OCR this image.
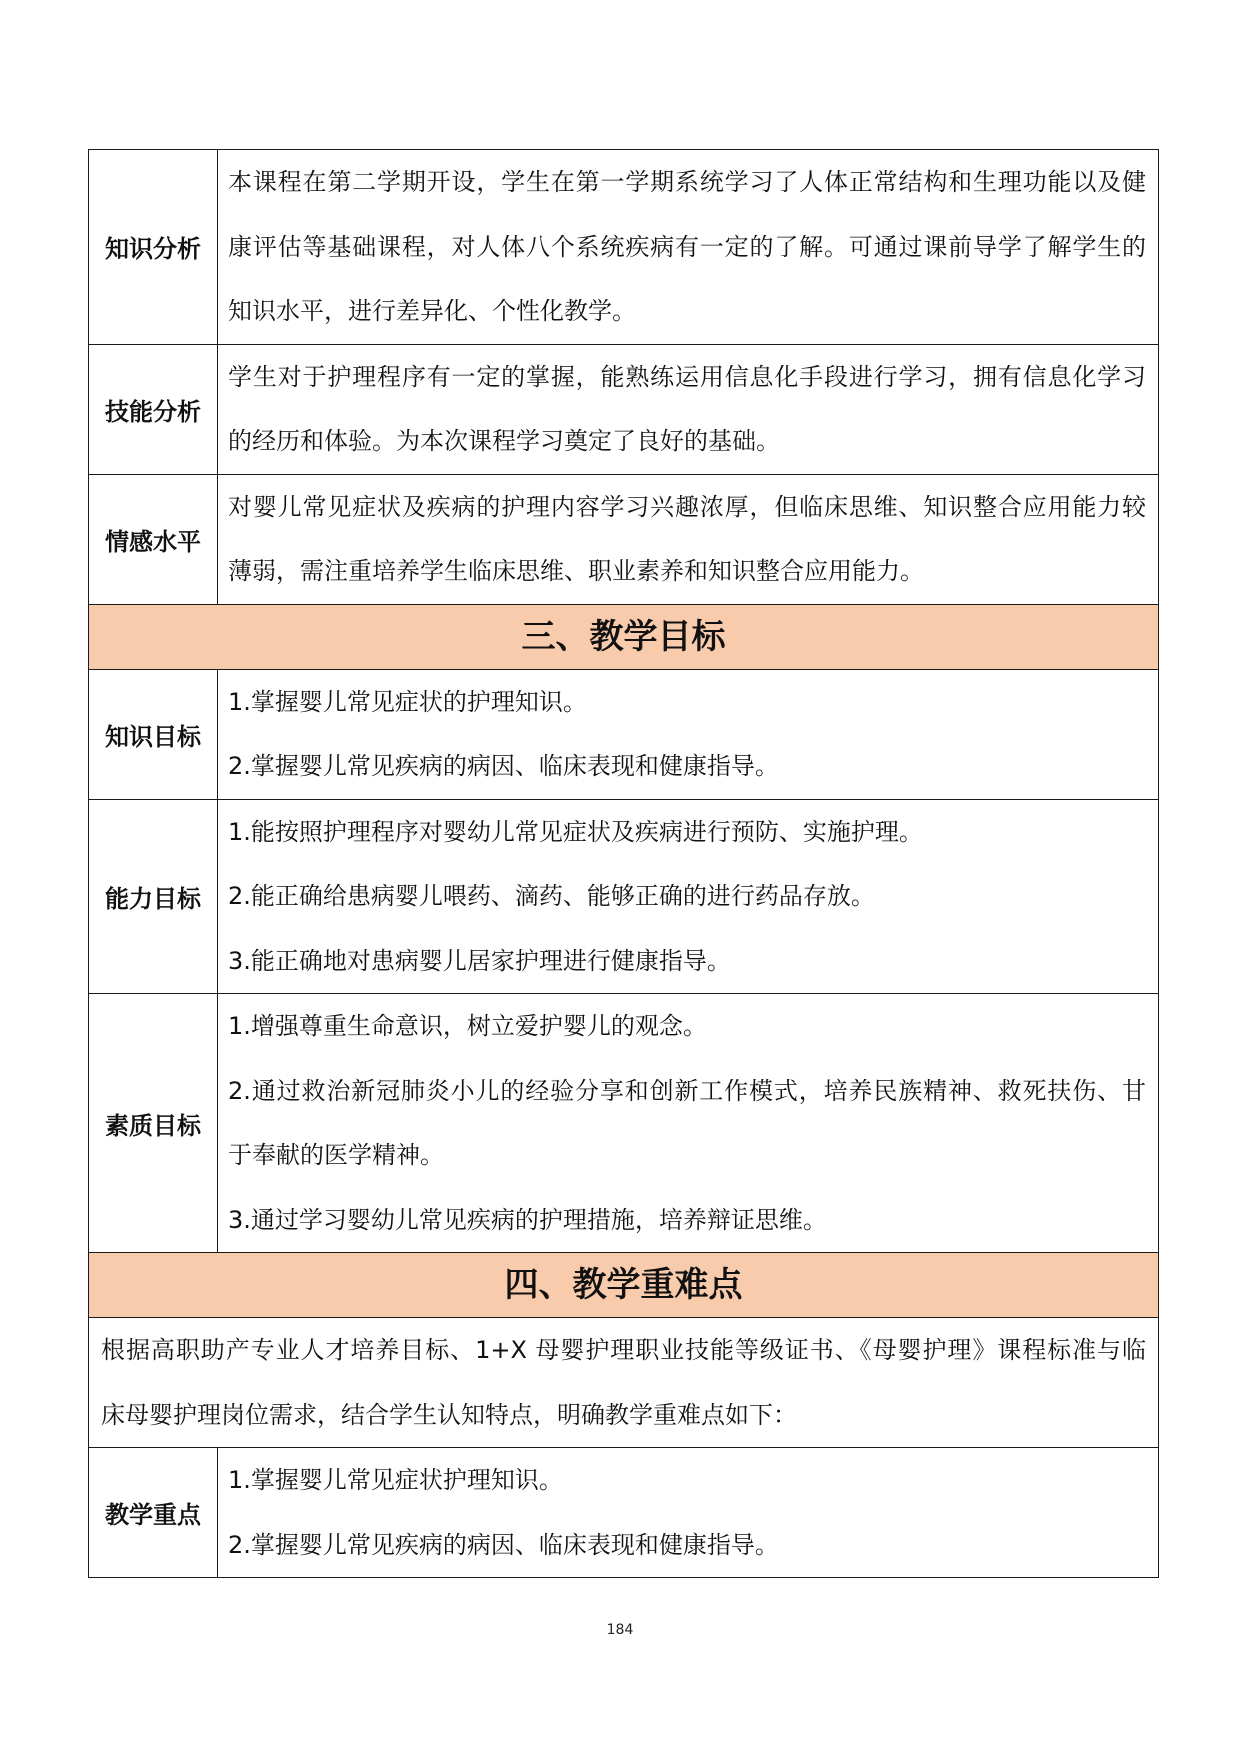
知识分析	本课程在第二学期开设，学生在第一学期系统学习了人体正常结构和生理功能以及健
康评估等基础课程，对人体八个系统疾病有一定的了解。可通过课前导学了解学生的
知识水平，进行差异化、个性化教学。

技能分析	学生对于护理程序有一定的掌握，能熟练运用信息化手段进行学习，拥有信息化学习
的经历和体验。为本次课程学习奠定了良好的基础。

情感水平	对婴儿常见症状及疾病的护理内容学习兴趣浓厚，但临床思维、知识整合应用能力较
薄弱，需注重培养学生临床思维、职业素养和知识整合应用能力。

三、教学目标	
知识目标	1.掌握婴儿常见症状的护理知识。
2.掌握婴儿常见疾病的病因、临床表现和健康指导。

能力目标	1.能按照护理程序对婴幼儿常见症状及疾病进行预防、实施护理。
2.能正确给患病婴儿喂药、滴药、能够正确的进行药品存放。
3.能正确地对患病婴儿居家护理进行健康指导。

素质目标	1.增强尊重生命意识，树立爱护婴儿的观念。
2.通过救治新冠肺炎小儿的经验分享和创新工作模式，培养民族精神、救死扶伤、甘
于奉献的医学精神。
3.通过学习婴幼儿常见疾病的护理措施，培养辩证思维。

四、教学重难点	

根据高职助产专业人才培养目标、1+X 母婴护理职业技能等级证书、《母婴护理》课程标准与临
床母婴护理岗位需求，结合学生认知特点，明确教学重难点如下：	

教学重点	1.掌握婴儿常见症状护理知识。
2.掌握婴儿常见疾病的病因、临床表现和健康指导。
184
